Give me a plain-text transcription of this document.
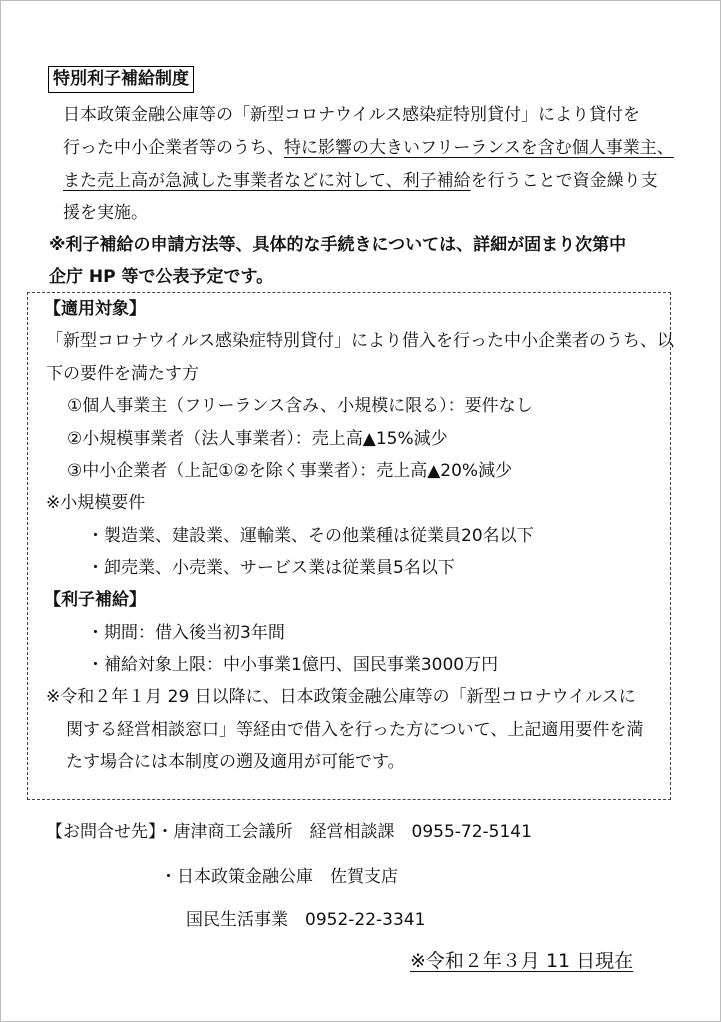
特別利子補給制度
日本政策金融公庫等の「新型コロナウイルス感染症特別貸付」により貸付を
行った中小企業者等のうち、特に影響の大きいフリーランスを含む個人事業主、
また売上高が急減した事業者などに対して、利子補給を行うことで資金繰り支
援を実施。
※利子補給の申請方法等、具体的な手続きについては、詳細が固まり次第中
企庁 HP 等で公表予定です。
【適用対象】
「新型コロナウイルス感染症特別貸付」により借入を行った中小企業者のうち、以
下の要件を満たす方
①個人事業主（フリーランス含み、小規模に限る）：要件なし
②小規模事業者（法人事業者）：売上高▲15%減少
③中小企業者（上記①②を除く事業者）：売上高▲20%減少
※小規模要件
・製造業、建設業、運輸業、その他業種は従業員20名以下
・卸売業、小売業、サービス業は従業員5名以下
【利子補給】
・期間：借入後当初3年間
・補給対象上限：中小事業1億円、国民事業3000万円
※令和２年１月 29 日以降に、日本政策金融公庫等の「新型コロナウイルスに
関する経営相談窓口」等経由で借入を行った方について、上記適用要件を満
たす場合には本制度の遡及適用が可能です。
【お問合せ先】・唐津商工会議所　経営相談課　0955-72-5141
・日本政策金融公庫　佐賀支店
国民生活事業　0952-22-3341
※令和２年３月 11 日現在
